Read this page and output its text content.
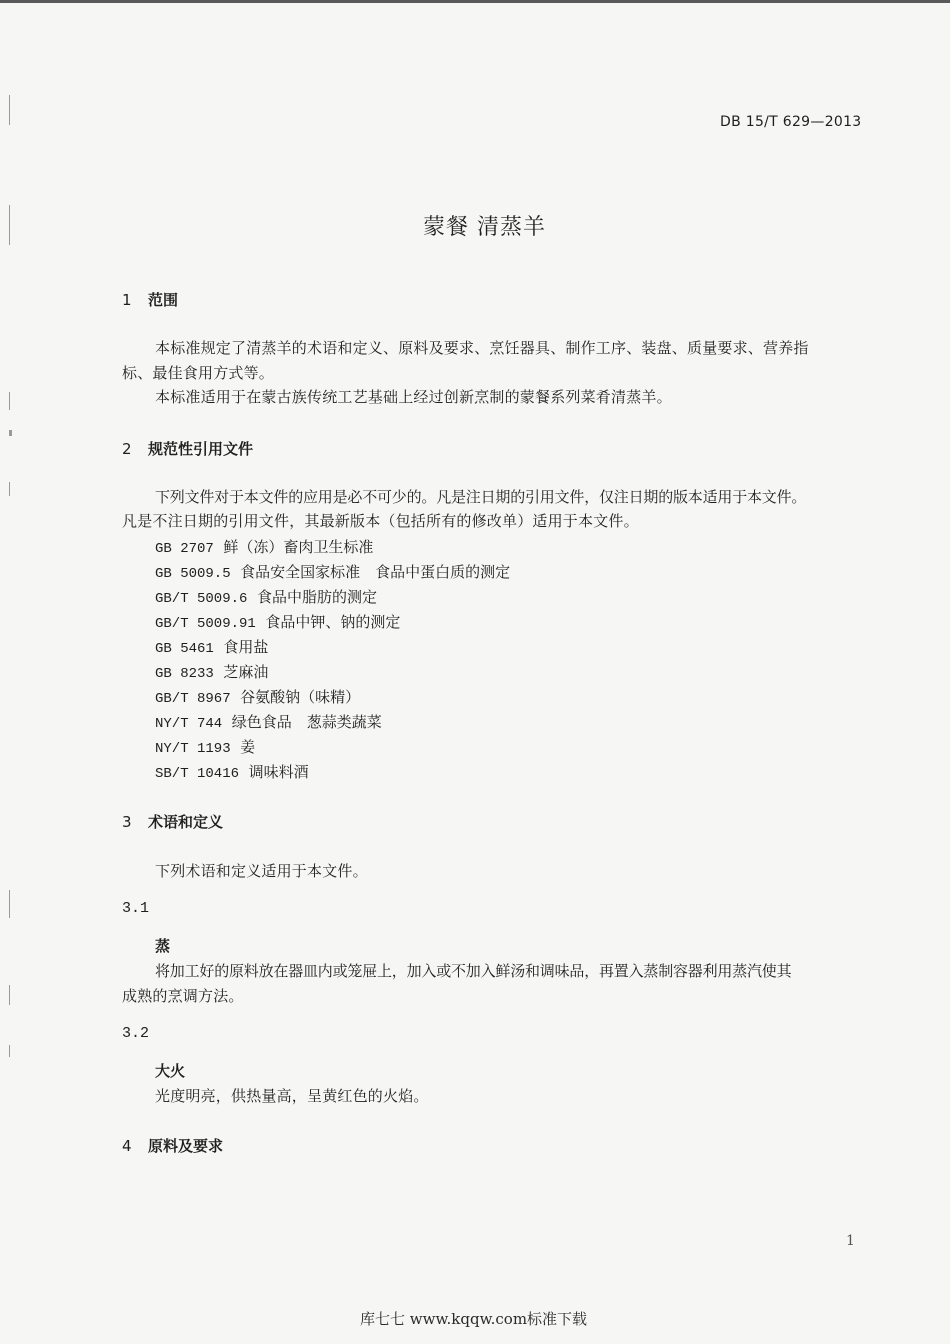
DB 15/T 629—2013
蒙餐 清蒸羊
1 范围
本标准规定了清蒸羊的术语和定义、原料及要求、烹饪器具、制作工序、装盘、质量要求、营养指
标、最佳食用方式等。
本标准适用于在蒙古族传统工艺基础上经过创新烹制的蒙餐系列菜肴清蒸羊。
2 规范性引用文件
下列文件对于本文件的应用是必不可少的。凡是注日期的引用文件，仅注日期的版本适用于本文件。
凡是不注日期的引用文件，其最新版本（包括所有的修改单）适用于本文件。
GB 2707 鲜（冻）畜肉卫生标准
GB 5009.5 食品安全国家标准　食品中蛋白质的测定
GB/T 5009.6 食品中脂肪的测定
GB/T 5009.91 食品中钾、钠的测定
GB 5461 食用盐
GB 8233 芝麻油
GB/T 8967 谷氨酸钠（味精）
NY/T 744 绿色食品　葱蒜类蔬菜
NY/T 1193 姜
SB/T 10416 调味料酒
3 术语和定义
下列术语和定义适用于本文件。
3.1
蒸
将加工好的原料放在器皿内或笼屉上，加入或不加入鲜汤和调味品，再置入蒸制容器利用蒸汽使其
成熟的烹调方法。
3.2
大火
光度明亮，供热量高，呈黄红色的火焰。
4 原料及要求
1
库七七 www.kqqw.com标准下载
